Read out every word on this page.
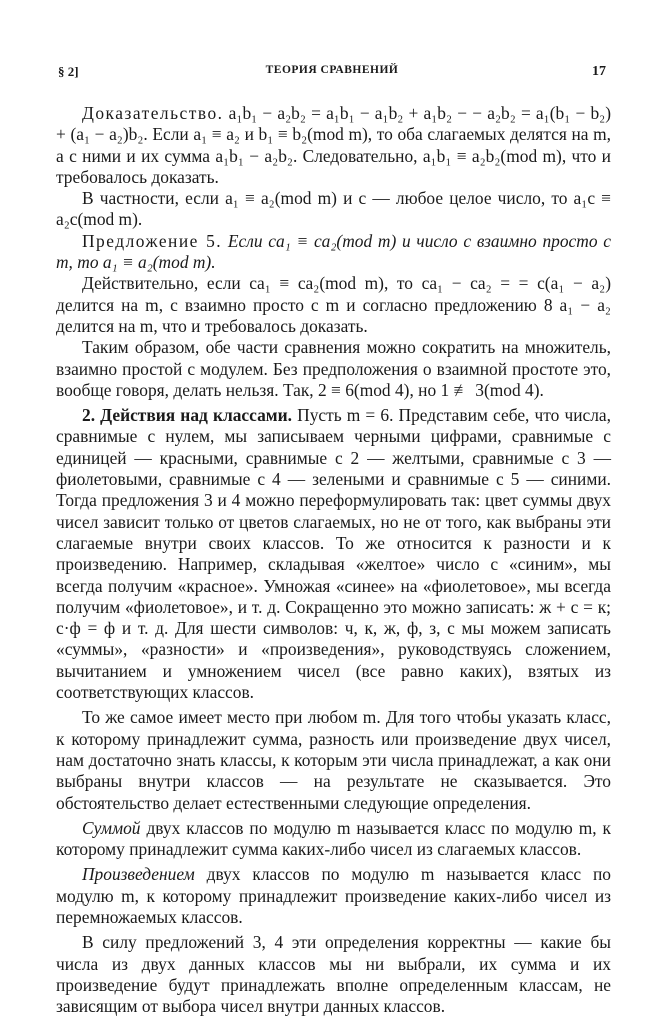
§ 2]	ТЕОРИЯ СРАВНЕНИЙ	17

Доказательство. a₁b₁ − a₂b₂ = a₁b₁ − a₁b₂ + a₁b₂ − − a₂b₂ = a₁(b₁ − b₂) + (a₁ − a₂)b₂. Если a₁ ≡ a₂ и b₁ ≡ b₂(mod m), то оба слагаемых делятся на m, а с ними и их сумма a₁b₁ − a₂b₂. Следовательно, a₁b₁ ≡ a₂b₂(mod m), что и требовалось доказать.

В частности, если a₁ ≡ a₂(mod m) и c — любое целое число, то a₁c ≡ a₂c(mod m).

Предложение 5. Если ca₁ ≡ ca₂(mod m) и число c взаимно просто с m, то a₁ ≡ a₂(mod m).

Действительно, если ca₁ ≡ ca₂(mod m), то ca₁ − ca₂ = = c(a₁ − a₂) делится на m, c взаимно просто с m и согласно предложению 8 a₁ − a₂ делится на m, что и требовалось доказать.

Таким образом, обе части сравнения можно сократить на множитель, взаимно простой с модулем. Без предположения о взаимной простоте это, вообще говоря, делать нельзя. Так, 2 ≡ 6(mod 4), но 1 ≢ 3(mod 4).

2. Действия над классами. Пусть m = 6. Представим себе, что числа, сравнимые с нулем, мы записываем черными цифрами, сравнимые с единицей — красными, сравнимые с 2 — желтыми, сравнимые с 3 — фиолетовыми, сравнимые с 4 — зелеными и сравнимые с 5 — синими. Тогда предложения 3 и 4 можно переформулировать так: цвет суммы двух чисел зависит только от цветов слагаемых, но не от того, как выбраны эти слагаемые внутри своих классов. То же относится к разности и к произведению. Например, складывая «желтое» число с «синим», мы всегда получим «красное». Умножая «синее» на «фиолетовое», мы всегда получим «фиолетовое», и т. д. Сокращенно это можно записать: ж + с = к; с·ф = ф и т. д. Для шести символов: ч, к, ж, ф, з, с мы можем записать «суммы», «разности» и «произведения», руководствуясь сложением, вычитанием и умножением чисел (все равно каких), взятых из соответствующих классов.

То же самое имеет место при любом m. Для того чтобы указать класс, к которому принадлежит сумма, разность или произведение двух чисел, нам достаточно знать классы, к которым эти числа принадлежат, а как они выбраны внутри классов — на результате не сказывается. Это обстоятельство делает естественными следующие определения.

Суммой двух классов по модулю m называется класс по модулю m, к которому принадлежит сумма каких-либо чисел из слагаемых классов.

Произведением двух классов по модулю m называется класс по модулю m, к которому принадлежит произведение каких-либо чисел из перемножаемых классов.

В силу предложений 3, 4 эти определения корректны — какие бы числа из двух данных классов мы ни выбрали, их сумма и их произведение будут принадлежать вполне определенным классам, не зависящим от выбора чисел внутри данных классов.
